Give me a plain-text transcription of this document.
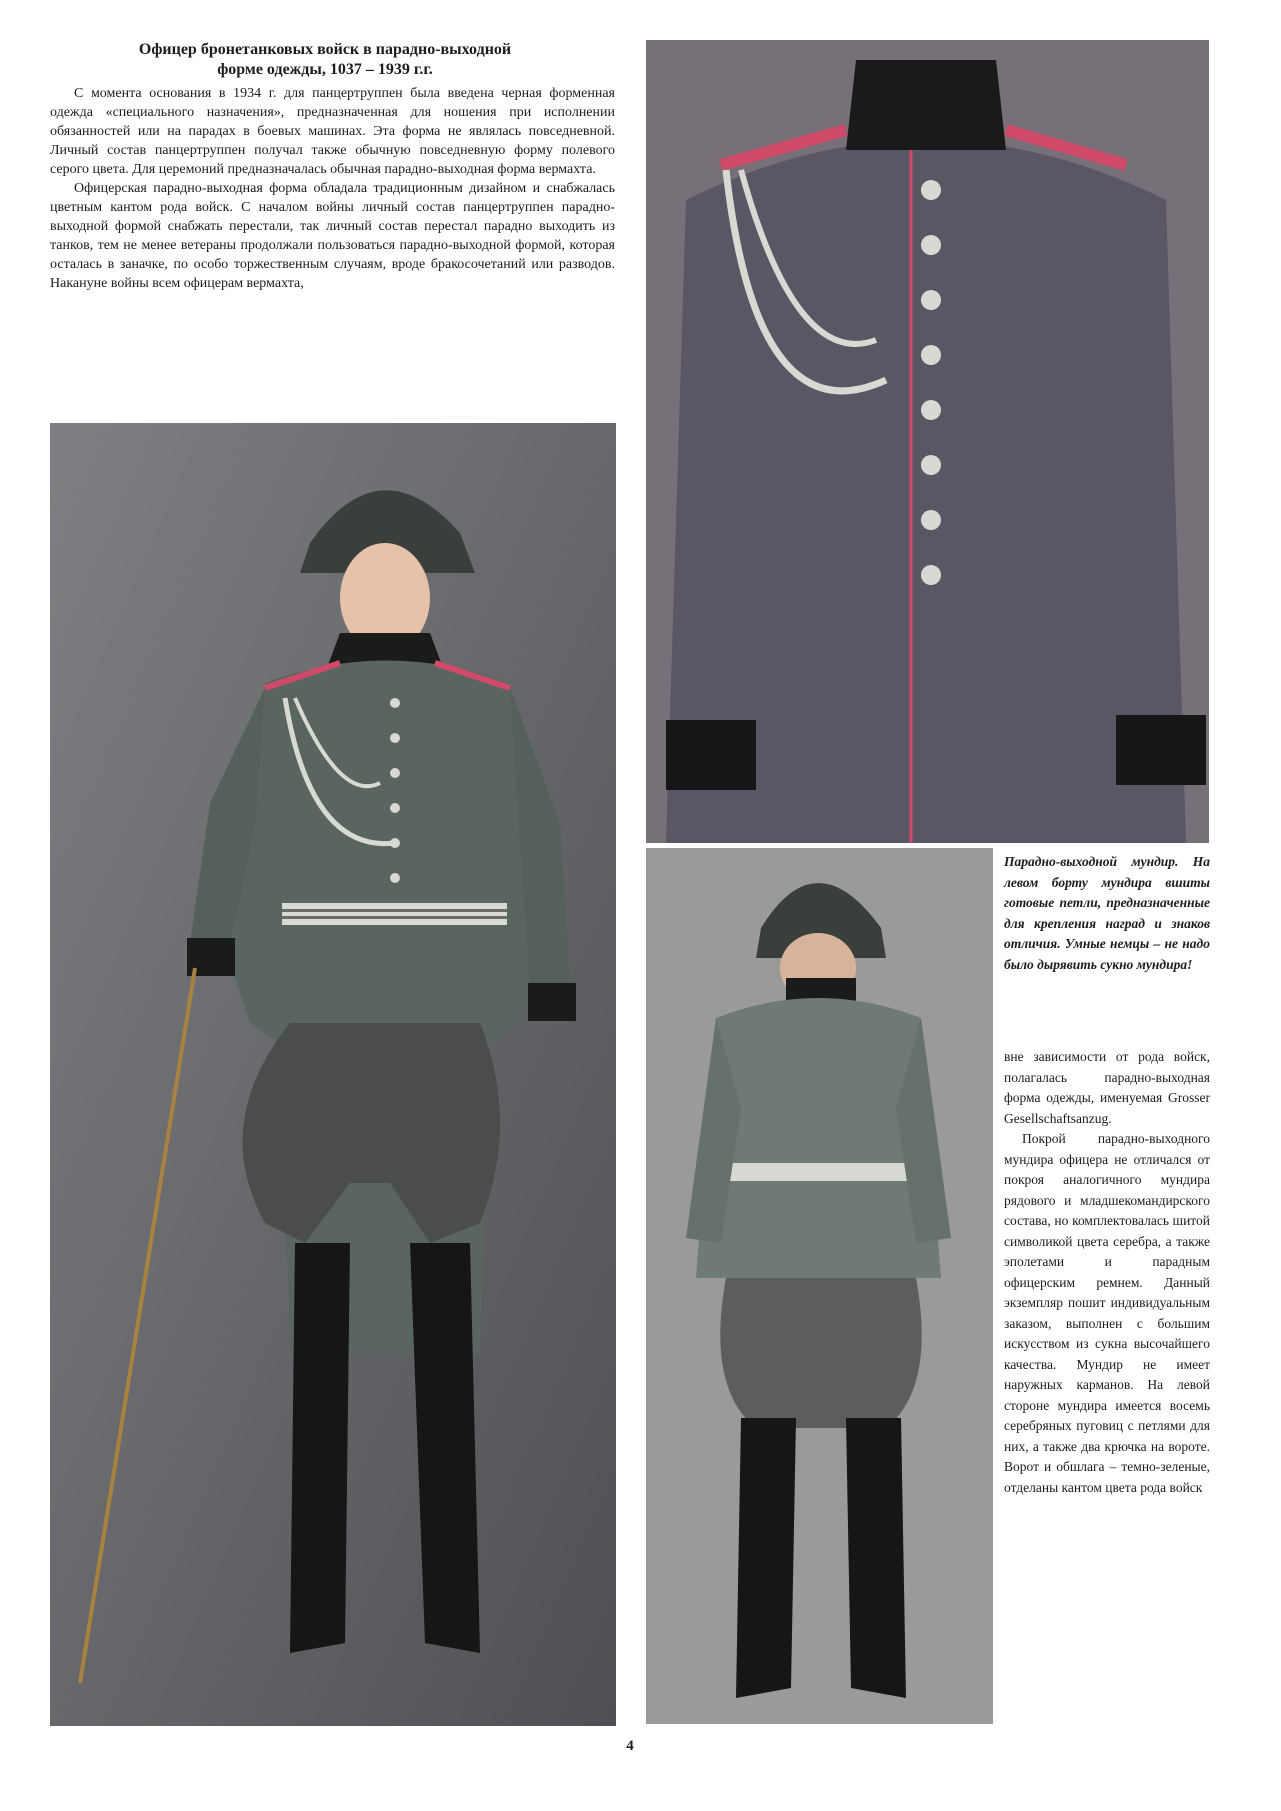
Офицер бронетанковых войск в парадно-выходной
форме одежды, 1037 – 1939 г.г.

С момента основания в 1934 г. для панцертруппен была введена черная форменная одежда «специального назначения», предназначенная для ношения при исполнении обязанностей или на парадах в боевых машинах. Эта форма не являлась повседневной. Личный состав панцертруппен получал также обычную повседневную форму полевого серого цвета. Для церемоний предназначалась обычная парадно-выходная форма вермахта.

Офицерская парадно-выходная форма обладала традиционным дизайном и снабжалась цветным кантом рода войск. С началом войны личный состав панцертруппен парадно-выходной формой снабжать перестали, так личный состав перестал парадно выходить из танков, тем не менее ветераны продолжали пользоваться парадно-выходной формой, которая осталась в заначке, по особо торжественным случаям, вроде бракосочетаний или разводов. Накануне войны всем офицерам вермахта,

Парадно-выходной мундир. На левом борту мундира вшиты готовые петли, предназначенные для крепления наград и знаков отличия. Умные немцы – не надо было дырявить сукно мундира!

вне зависимости от рода войск, полагалась парадно-выходная форма одежды, именуемая Grosser Gesellschaftsanzug.

Покрой парадно-выходного мундира офицера не отличался от покроя аналогичного мундира рядового и младшекомандирского состава, но комплектовалась шитой символикой цвета серебра, а также эполетами и парадным офицерским ремнем. Данный экземпляр пошит индивидуальным заказом, выполнен с большим искусством из сукна высочайшего качества. Мундир не имеет наружных карманов. На левой стороне мундира имеется восемь серебряных пуговиц с петлями для них, а также два крючка на вороте. Ворот и обшлага – темно-зеленые, отделаны кантом цвета рода войск

4
